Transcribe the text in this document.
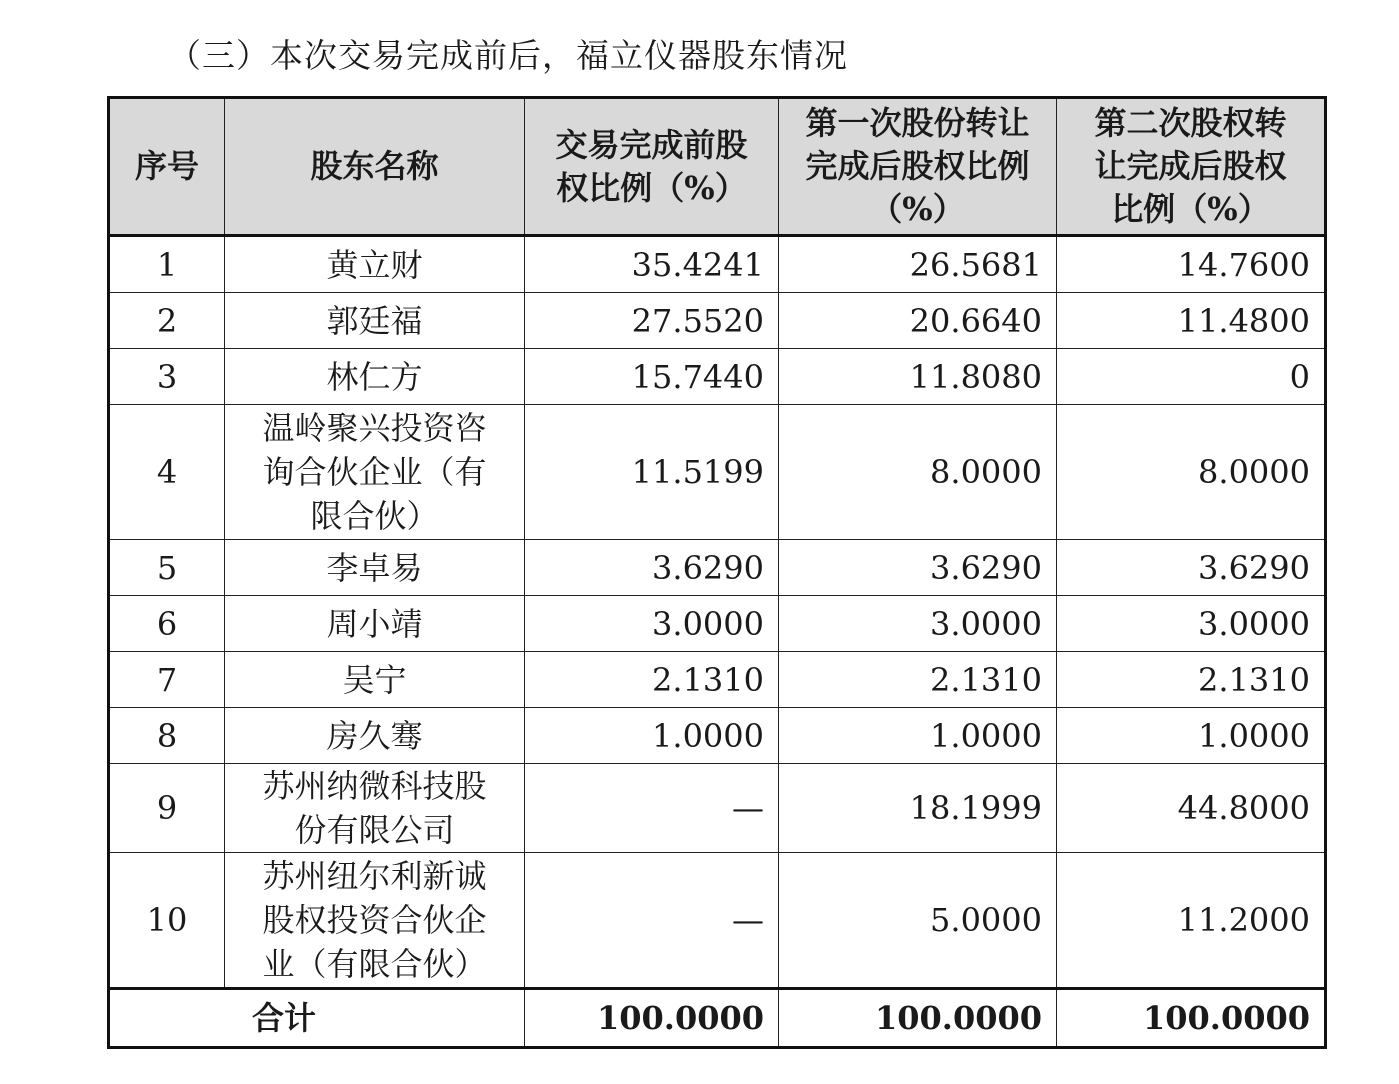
（三）本次交易完成前后，福立仪器股东情况
序号	股东名称	交易完成前股权比例（%）	第一次股份转让完成后股权比例（%）	第二次股权转让完成后股权比例（%）
1	黄立财	35.4241	26.5681	14.7600
2	郭廷福	27.5520	20.6640	11.4800
3	林仁方	15.7440	11.8080	0
4	温岭聚兴投资咨询合伙企业（有限合伙）	11.5199	8.0000	8.0000
5	李卓易	3.6290	3.6290	3.6290
6	周小靖	3.0000	3.0000	3.0000
7	吴宁	2.1310	2.1310	2.1310
8	房久骞	1.0000	1.0000	1.0000
9	苏州纳微科技股份有限公司	—	18.1999	44.8000
10	苏州纽尔利新诚股权投资合伙企业（有限合伙）	—	5.0000	11.2000
合计		100.0000	100.0000	100.0000
